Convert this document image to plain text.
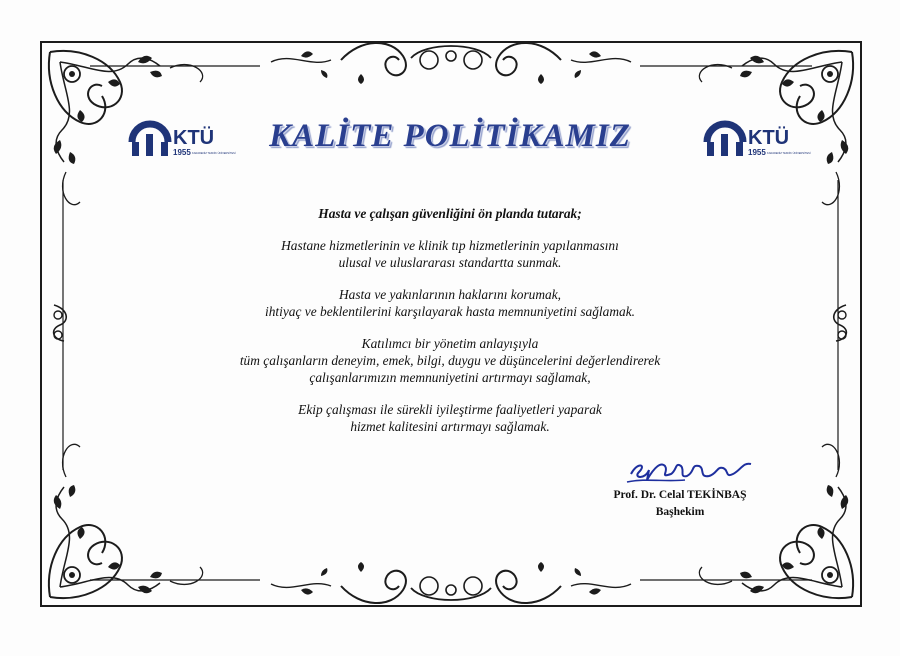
KTÜ
1955 KARADENİZ TEKNİK ÜNİVERSİTESİ
KTÜ
1955 KARADENİZ TEKNİK ÜNİVERSİTESİ
KALİTE POLİTİKAMIZ
Hasta ve çalışan güvenliğini ön planda tutarak;
Hastane hizmetlerinin ve klinik tıp hizmetlerinin yapılanmasını
ulusal ve uluslararası standartta sunmak.
Hasta ve yakınlarının haklarını korumak,
ihtiyaç ve beklentilerini karşılayarak hasta memnuniyetini sağlamak.
Katılımcı bir yönetim anlayışıyla
tüm çalışanların deneyim, emek, bilgi, duygu ve düşüncelerini değerlendirerek
çalışanlarımızın memnuniyetini artırmayı sağlamak,
Ekip çalışması ile sürekli iyileştirme faaliyetleri yaparak
hizmet kalitesini artırmayı sağlamak.
Prof. Dr. Celal TEKİNBAŞ
Başhekim
